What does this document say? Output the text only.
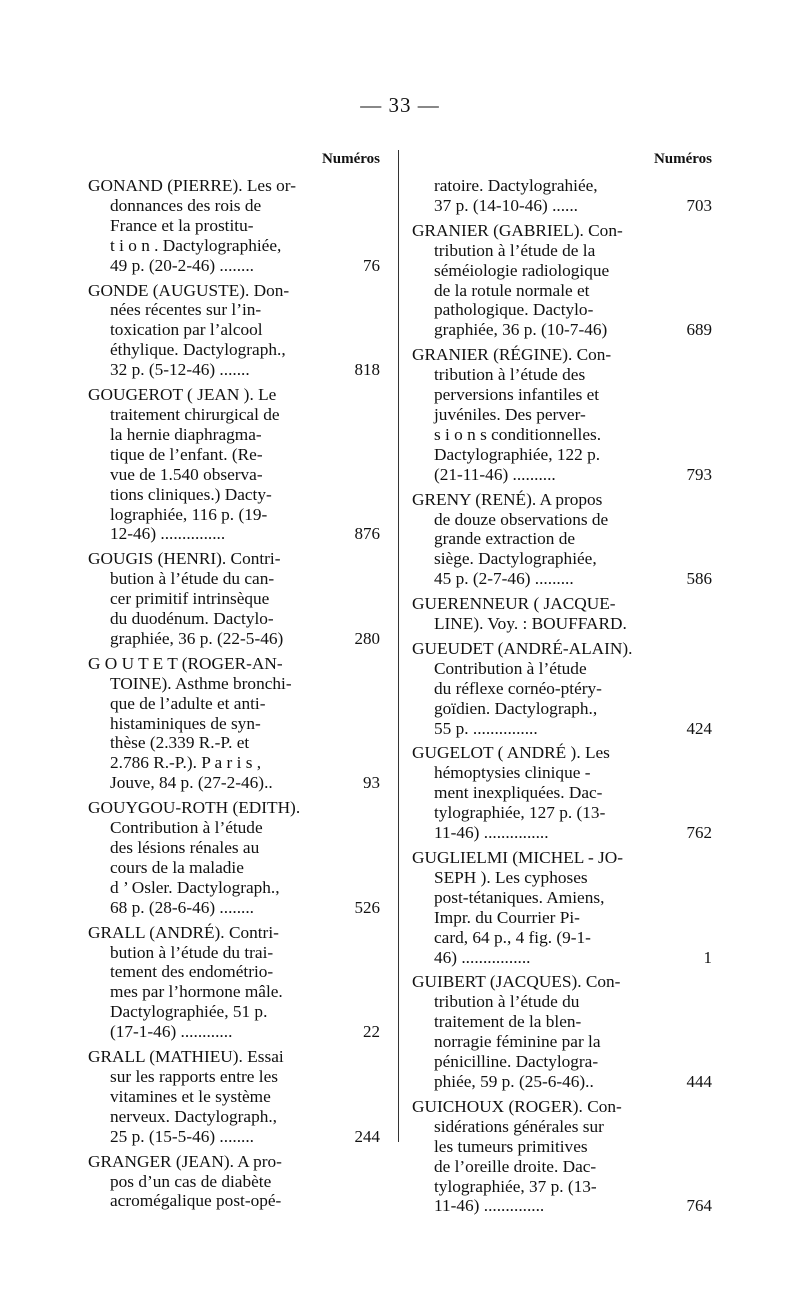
— 33 —
Numéros
GONAND (PIERRE). Les or-
donnances des rois de
France et la prostitu-
t i o n . Dactylographiée,
49 p. (20-2-46) ........	76
GONDE (AUGUSTE). Don-
nées récentes sur l’in-
toxication par l’alcool
éthylique. Dactylograph.,
32 p. (5-12-46) .......	818
GOUGEROT ( JEAN ). Le
traitement chirurgical de
la hernie diaphragma-
tique de l’enfant. (Re-
vue de 1.540 observa-
tions cliniques.) Dacty-
lographiée, 116 p. (19-
12-46) ...............	876
GOUGIS (HENRI). Contri-
bution à l’étude du can-
cer primitif intrinsèque
du duodénum. Dactylo-
graphiée, 36 p. (22-5-46)	280
G O U T E T (ROGER-AN-
TOINE). Asthme bronchi-
que de l’adulte et anti-
histaminiques de syn-
thèse (2.339 R.-P. et
2.786 R.-P.). P a r i s ,
Jouve, 84 p. (27-2-46)..	93
GOUYGOU-ROTH (EDITH).
Contribution à l’étude
des lésions rénales au
cours de la maladie
d ’ Osler. Dactylograph.,
68 p. (28-6-46) ........	526
GRALL (ANDRÉ). Contri-
bution à l’étude du trai-
tement des endométrio-
mes par l’hormone mâle.
Dactylographiée, 51 p.
(17-1-46) ............	22
GRALL (MATHIEU). Essai
sur les rapports entre les
vitamines et le système
nerveux. Dactylograph.,
25 p. (15-5-46) ........	244
GRANGER (JEAN). A pro-
pos d’un cas de diabète
acromégalique post-opé-
Numéros
ratoire. Dactylograhiée,
37 p. (14-10-46) ......	703
GRANIER (GABRIEL). Con-
tribution à l’étude de la
séméiologie radiologique
de la rotule normale et
pathologique. Dactylo-
graphiée, 36 p. (10-7-46)	689
GRANIER (RÉGINE). Con-
tribution à l’étude des
perversions infantiles et
juvéniles. Des perver-
s i o n s conditionnelles.
Dactylographiée, 122 p.
(21-11-46) ..........	793
GRENY (RENÉ). A propos
de douze observations de
grande extraction de
siège. Dactylographiée,
45 p. (2-7-46) .........	586
GUERENNEUR ( JACQUE-
LINE). Voy. : BOUFFARD.
GUEUDET (ANDRÉ-ALAIN).
Contribution à l’étude
du réflexe cornéo-ptéry-
goïdien. Dactylograph.,
55 p. ...............	424
GUGELOT ( ANDRÉ ). Les
hémoptysies clinique -
ment inexpliquées. Dac-
tylographiée, 127 p. (13-
11-46) ...............	762
GUGLIELMI (MICHEL - JO-
SEPH ). Les cyphoses
post-tétaniques. Amiens,
Impr. du Courrier Pi-
card, 64 p., 4 fig. (9-1-
46) ................	1
GUIBERT (JACQUES). Con-
tribution à l’étude du
traitement de la blen-
norragie féminine par la
pénicilline. Dactylogra-
phiée, 59 p. (25-6-46)..	444
GUICHOUX (ROGER). Con-
sidérations générales sur
les tumeurs primitives
de l’oreille droite. Dac-
tylographiée, 37 p. (13-
11-46) ..............	764
